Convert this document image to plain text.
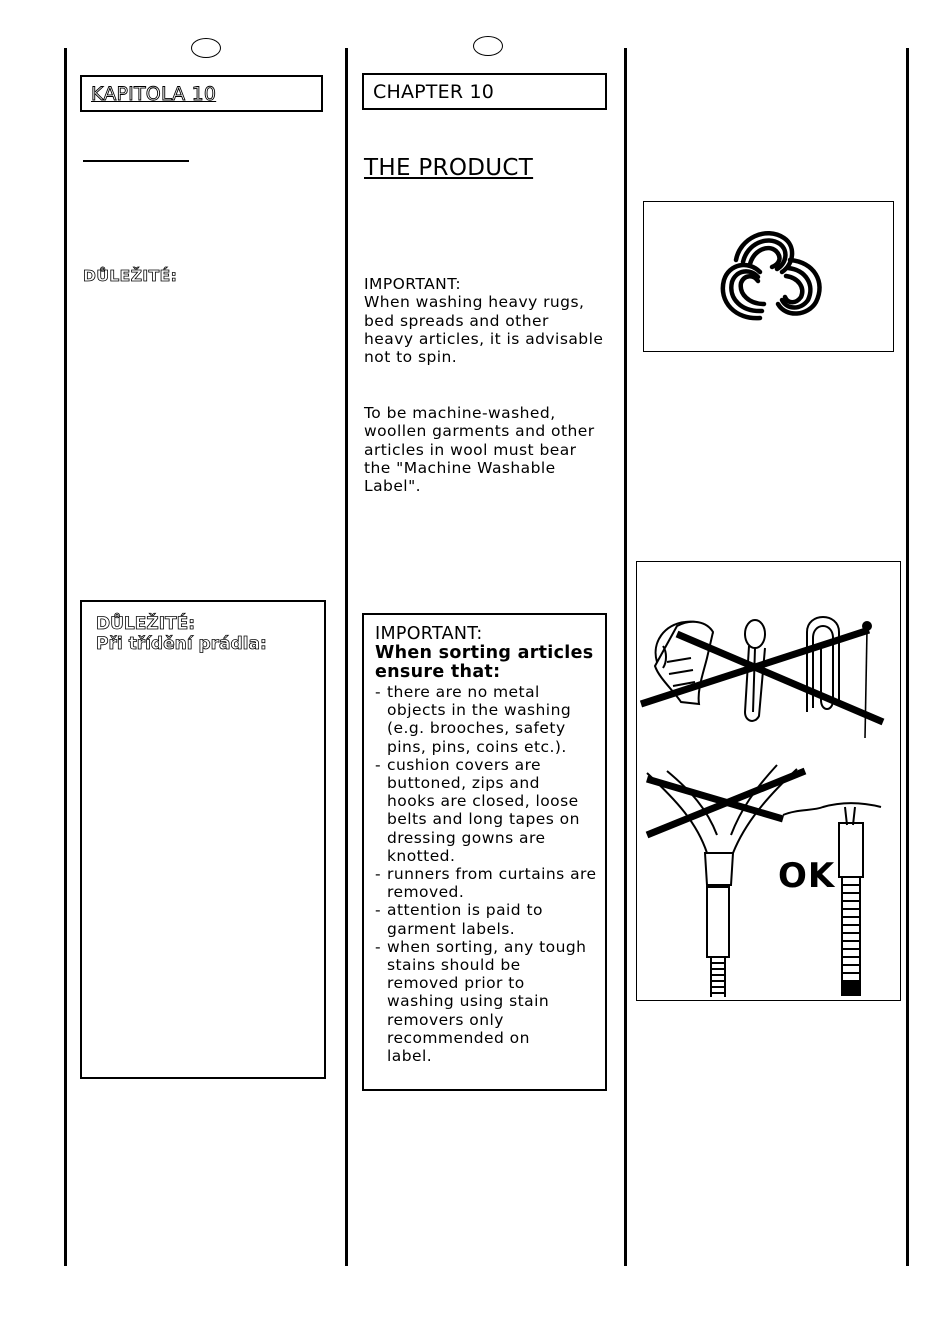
KAPITOLA 10
DŮLEŽITÉ:
DŮLEŽITÉ:
Při třídění prádla:
CHAPTER 10
THE PRODUCT
IMPORTANT:
When washing heavy rugs,
bed spreads and other
heavy articles, it is advisable
not to spin.
To be machine-washed,
woollen garments and other
articles in wool must bear
the "Machine Washable
Label".
IMPORTANT:
When sorting articles
ensure that:
- there are no metal
objects in the washing
(e.g. brooches, safety
pins, pins, coins etc.).
- cushion covers are
buttoned, zips and
hooks are closed, loose
belts and long tapes on
dressing gowns are
knotted.
- runners from curtains are
removed.
- attention is paid to
garment labels.
- when sorting, any tough
stains should be
removed prior to
washing using stain
removers only
recommended on
label.
OK
